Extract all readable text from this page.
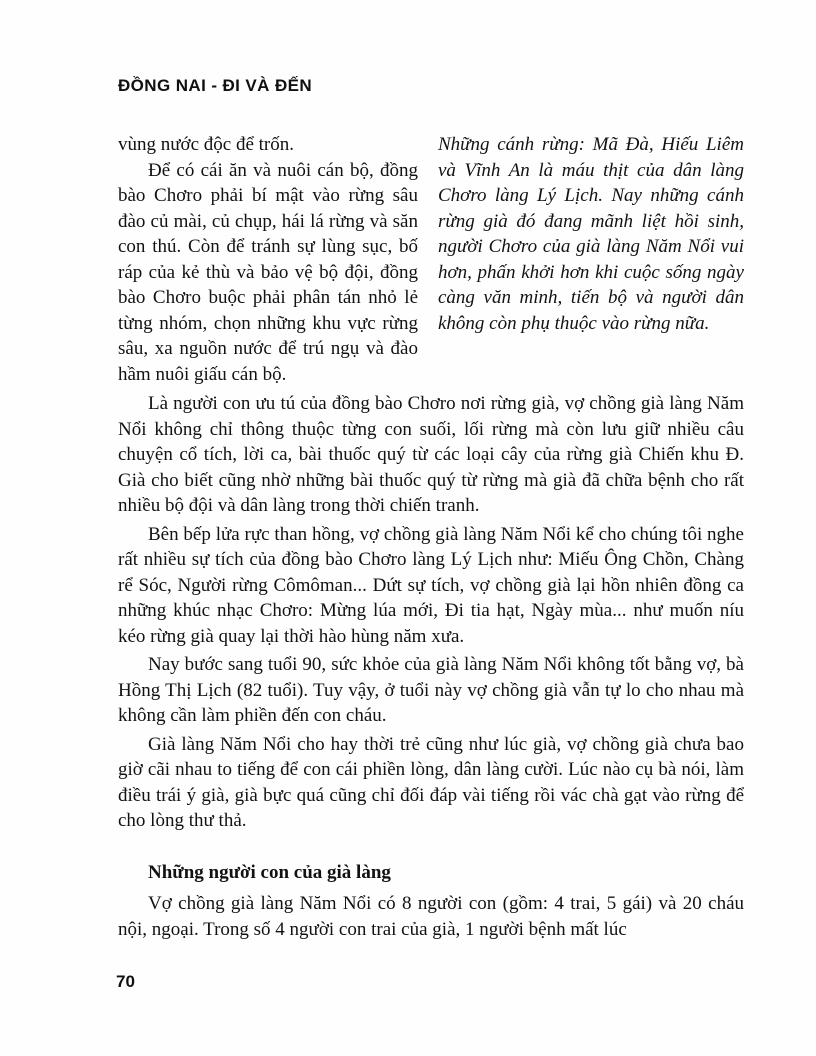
ĐỒNG NAI - ĐI VÀ ĐẾN

vùng nước độc để trốn.

Để có cái ăn và nuôi cán bộ, đồng bào Chơro phải bí mật vào rừng sâu đào củ mài, củ chụp, hái lá rừng và săn con thú. Còn để tránh sự lùng sục, bố ráp của kẻ thù và bảo vệ bộ đội, đồng bào Chơro buộc phải phân tán nhỏ lẻ từng nhóm, chọn những khu vực rừng sâu, xa nguồn nước để trú ngụ và đào hầm nuôi giấu cán bộ.

Những cánh rừng: Mã Đà, Hiếu Liêm và Vĩnh An là máu thịt của dân làng Chơro làng Lý Lịch. Nay những cánh rừng già đó đang mãnh liệt hồi sinh, người Chơro của già làng Năm Nổi vui hơn, phấn khởi hơn khi cuộc sống ngày càng văn minh, tiến bộ và người dân không còn phụ thuộc vào rừng nữa.

Là người con ưu tú của đồng bào Chơro nơi rừng già, vợ chồng già làng Năm Nổi không chỉ thông thuộc từng con suối, lối rừng mà còn lưu giữ nhiều câu chuyện cổ tích, lời ca, bài thuốc quý từ các loại cây của rừng già Chiến khu Đ. Già cho biết cũng nhờ những bài thuốc quý từ rừng mà già đã chữa bệnh cho rất nhiều bộ đội và dân làng trong thời chiến tranh.

Bên bếp lửa rực than hồng, vợ chồng già làng Năm Nổi kể cho chúng tôi nghe rất nhiều sự tích của đồng bào Chơro làng Lý Lịch như: Miếu Ông Chồn, Chàng rể Sóc, Người rừng Cômôman... Dứt sự tích, vợ chồng già lại hồn nhiên đồng ca những khúc nhạc Chơro: Mừng lúa mới, Đi tia hạt, Ngày mùa... như muốn níu kéo rừng già quay lại thời hào hùng năm xưa.

Nay bước sang tuổi 90, sức khỏe của già làng Năm Nổi không tốt bằng vợ, bà Hồng Thị Lịch (82 tuổi). Tuy vậy, ở tuổi này vợ chồng già vẫn tự lo cho nhau mà không cần làm phiền đến con cháu.

Già làng Năm Nổi cho hay thời trẻ cũng như lúc già, vợ chồng già chưa bao giờ cãi nhau to tiếng để con cái phiền lòng, dân làng cười. Lúc nào cụ bà nói, làm điều trái ý già, già bực quá cũng chỉ đối đáp vài tiếng rồi vác chà gạt vào rừng để cho lòng thư thả.

Những người con của già làng

Vợ chồng già làng Năm Nổi có 8 người con (gồm: 4 trai, 5 gái) và 20 cháu nội, ngoại. Trong số 4 người con trai của già, 1 người bệnh mất lúc

70
